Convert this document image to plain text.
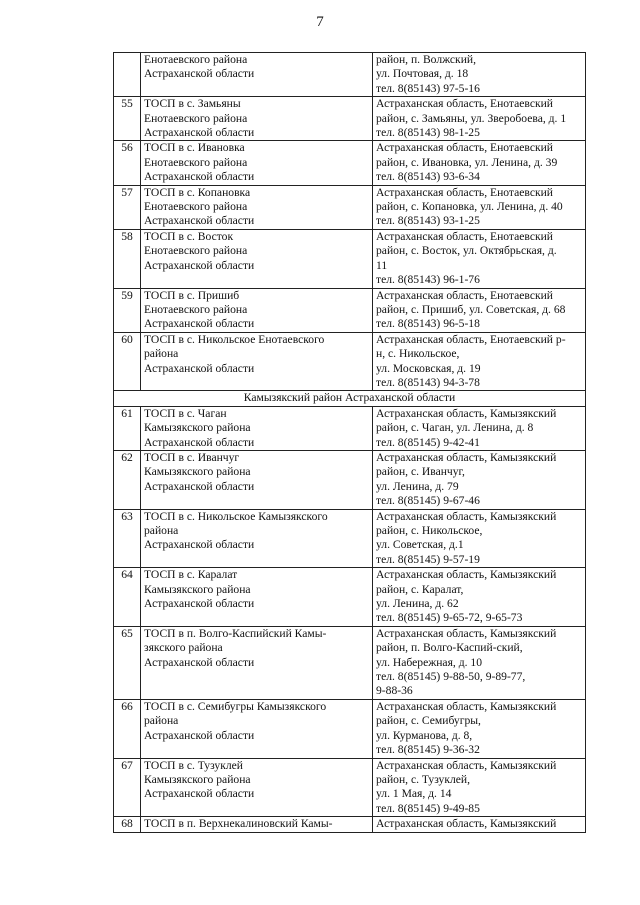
7

	Енотаевского района
Астраханской области	район, п. Волжский,
ул. Почтовая, д. 18
тел. 8(85143) 97-5-16

55	ТОСП в с. Замьяны
Енотаевского района
Астраханской области	Астраханская область, Енотаевский
район, с. Замьяны, ул. Зверобоева, д. 1
тел. 8(85143) 98-1-25

56	ТОСП в с. Ивановка
Енотаевского района
Астраханской области	Астраханская область, Енотаевский
район, с. Ивановка, ул. Ленина, д. 39
тел. 8(85143) 93-6-34

57	ТОСП в с. Копановка
Енотаевского района
Астраханской области	Астраханская область, Енотаевский
район, с. Копановка, ул. Ленина, д. 40
тел. 8(85143) 93-1-25

58	ТОСП в с. Восток
Енотаевского района
Астраханской области	Астраханская область, Енотаевский
район, с. Восток, ул. Октябрьская, д.
11
тел. 8(85143) 96-1-76

59	ТОСП в с. Пришиб
Енотаевского района
Астраханской области	Астраханская область, Енотаевский
район, с. Пришиб, ул. Советская, д. 68
тел. 8(85143) 96-5-18

60	ТОСП в с. Никольское Енотаевского
района
Астраханской области	Астраханская область, Енотаевский р-
н, с. Никольское,
ул. Московская, д. 19
тел. 8(85143) 94-3-78

Камызякский район Астраханской области		
61	ТОСП в с. Чаган
Камызякского района
Астраханской области	Астраханская область, Камызякский
район, с. Чаган, ул. Ленина, д. 8
тел. 8(85145) 9-42-41

62	ТОСП в с. Иванчуг
Камызякского района
Астраханской области	Астраханская область, Камызякский
район, с. Иванчуг,
ул. Ленина, д. 79
тел. 8(85145) 9-67-46

63	ТОСП в с. Никольское Камызякского
района
Астраханской области	Астраханская область, Камызякский
район, с. Никольское,
ул. Советская, д.1
тел. 8(85145) 9-57-19

64	ТОСП в с. Каралат
Камызякского района
Астраханской области	Астраханская область, Камызякский
район, с. Каралат,
ул. Ленина, д. 62
тел. 8(85145) 9-65-72, 9-65-73

65	ТОСП в п. Волго-Каспийский Камы-
зякского района
Астраханской области	Астраханская область, Камызякский
район, п. Волго-Каспий-ский,
ул. Набережная, д. 10
тел. 8(85145) 9-88-50, 9-89-77,
9-88-36

66	ТОСП в с. Семибугры Камызякского
района
Астраханской области	Астраханская область, Камызякский
район, с. Семибугры,
ул. Курманова, д. 8,
тел. 8(85145) 9-36-32

67	ТОСП в с. Тузуклей
Камызякского района
Астраханской области	Астраханская область, Камызякский
район, с. Тузуклей,
ул. 1 Мая, д. 14
тел. 8(85145) 9-49-85

68	ТОСП в п. Верхнекалиновский Камы-	Астраханская область, Камызякский
